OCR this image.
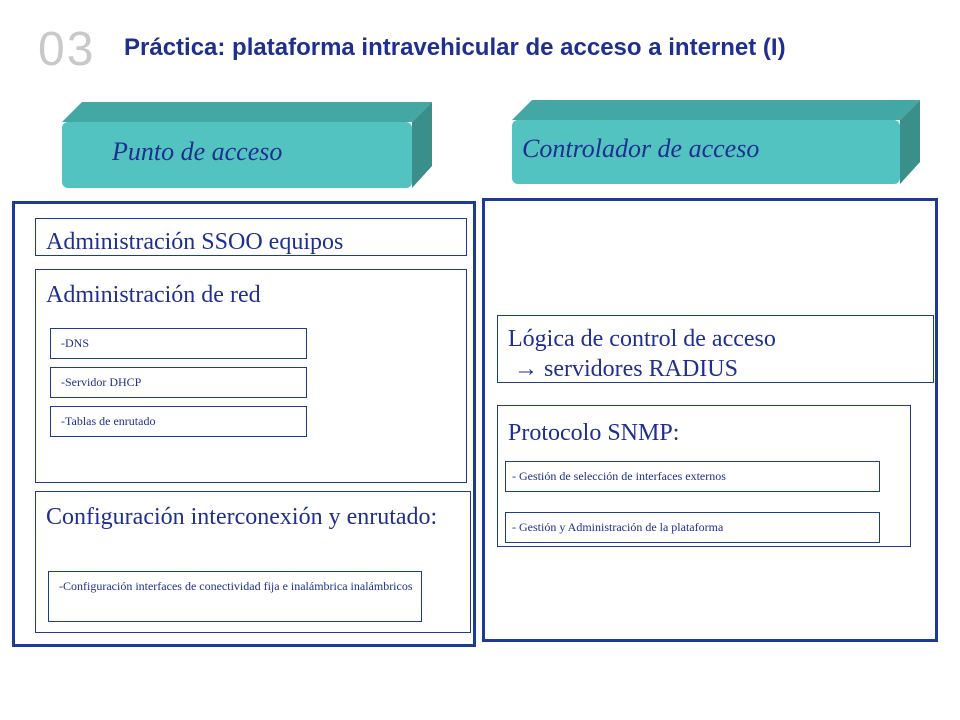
03 Práctica: plataforma intravehicular de acceso a internet (I)
Punto de acceso	Controlador de acceso
Administración SSOO equipos
Administración de red
-DNS
-Servidor DHCP
-Tablas de enrutado
Configuración interconexión y enrutado:
-Configuración interfaces de conectividad fija e inalámbrica inalámbricos
Lógica de control de acceso
→ servidores RADIUS
Protocolo SNMP:
- Gestión de selección de interfaces externos
- Gestión y Administración de la plataforma
